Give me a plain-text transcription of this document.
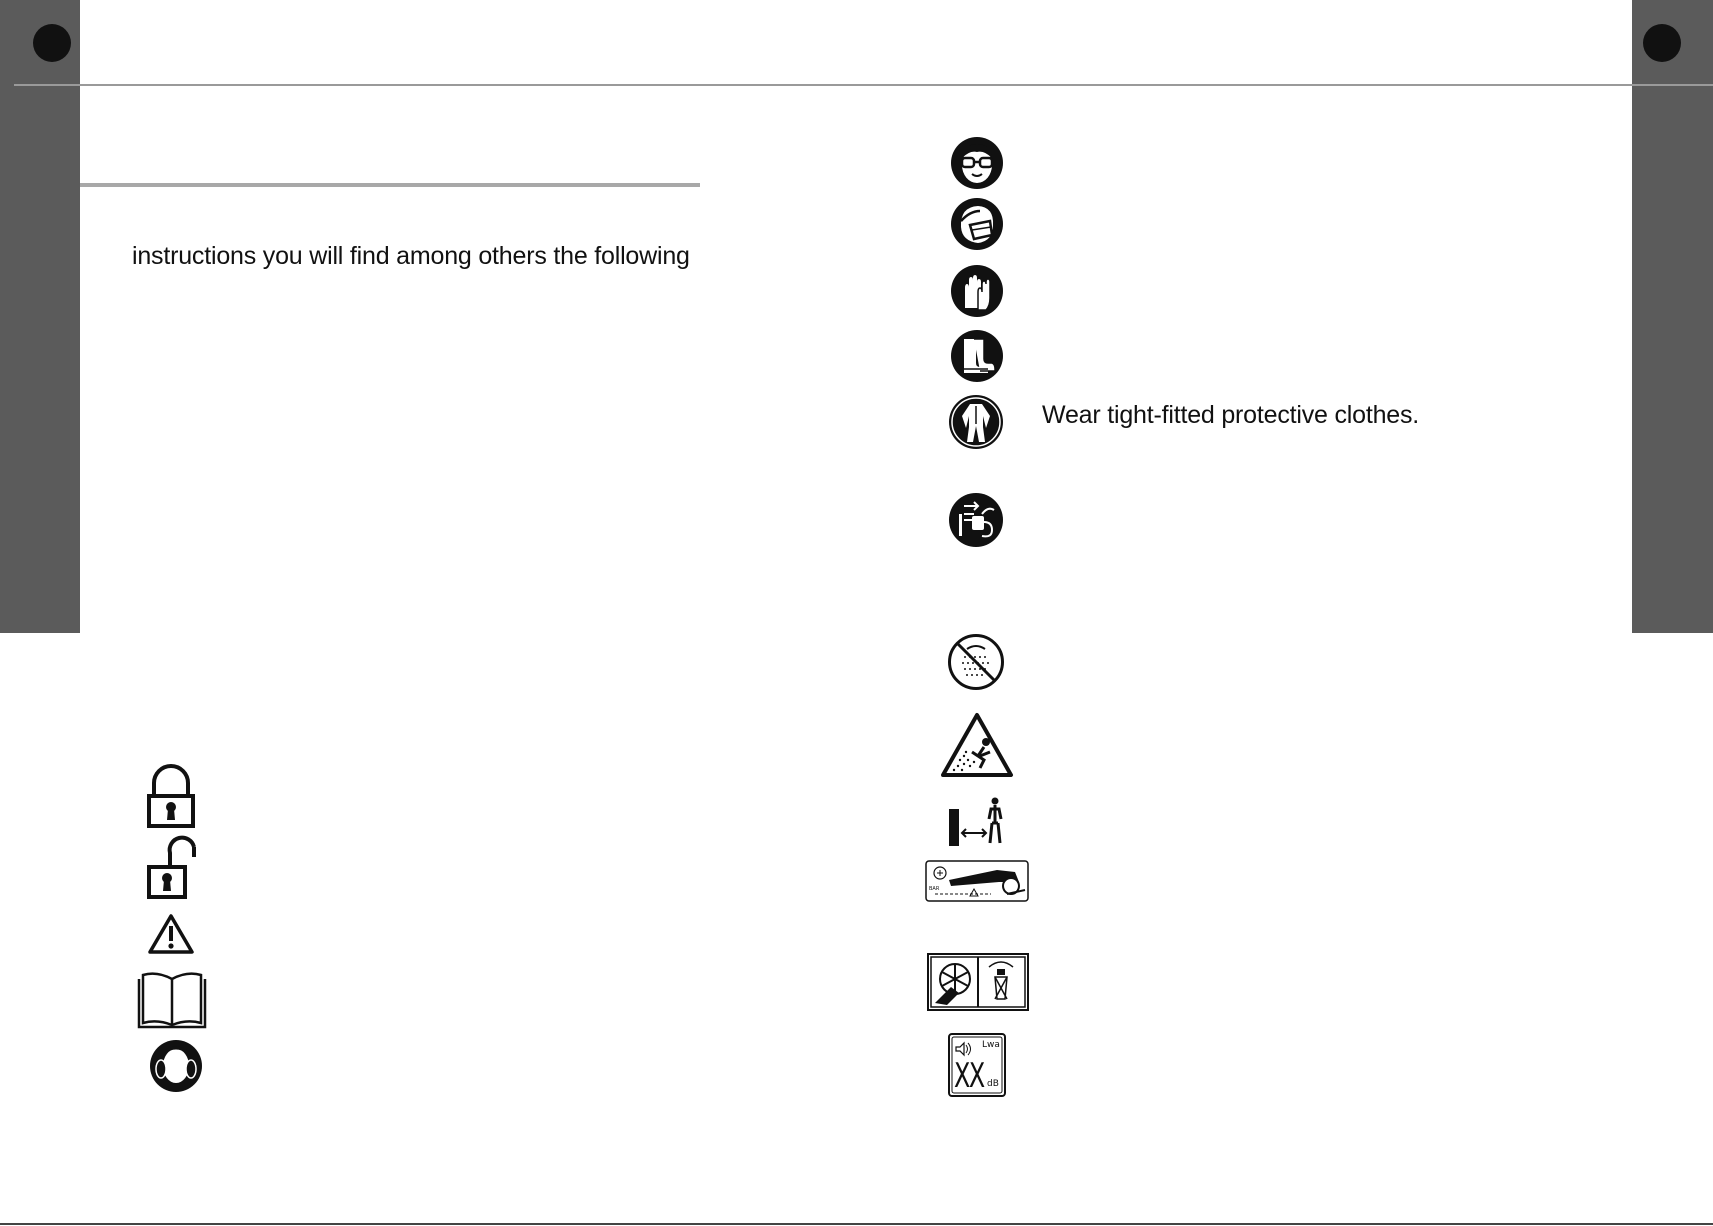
instructions you will find among others the following
Wear tight-fitted protective clothes.
BAR
Lwa
XX dB
